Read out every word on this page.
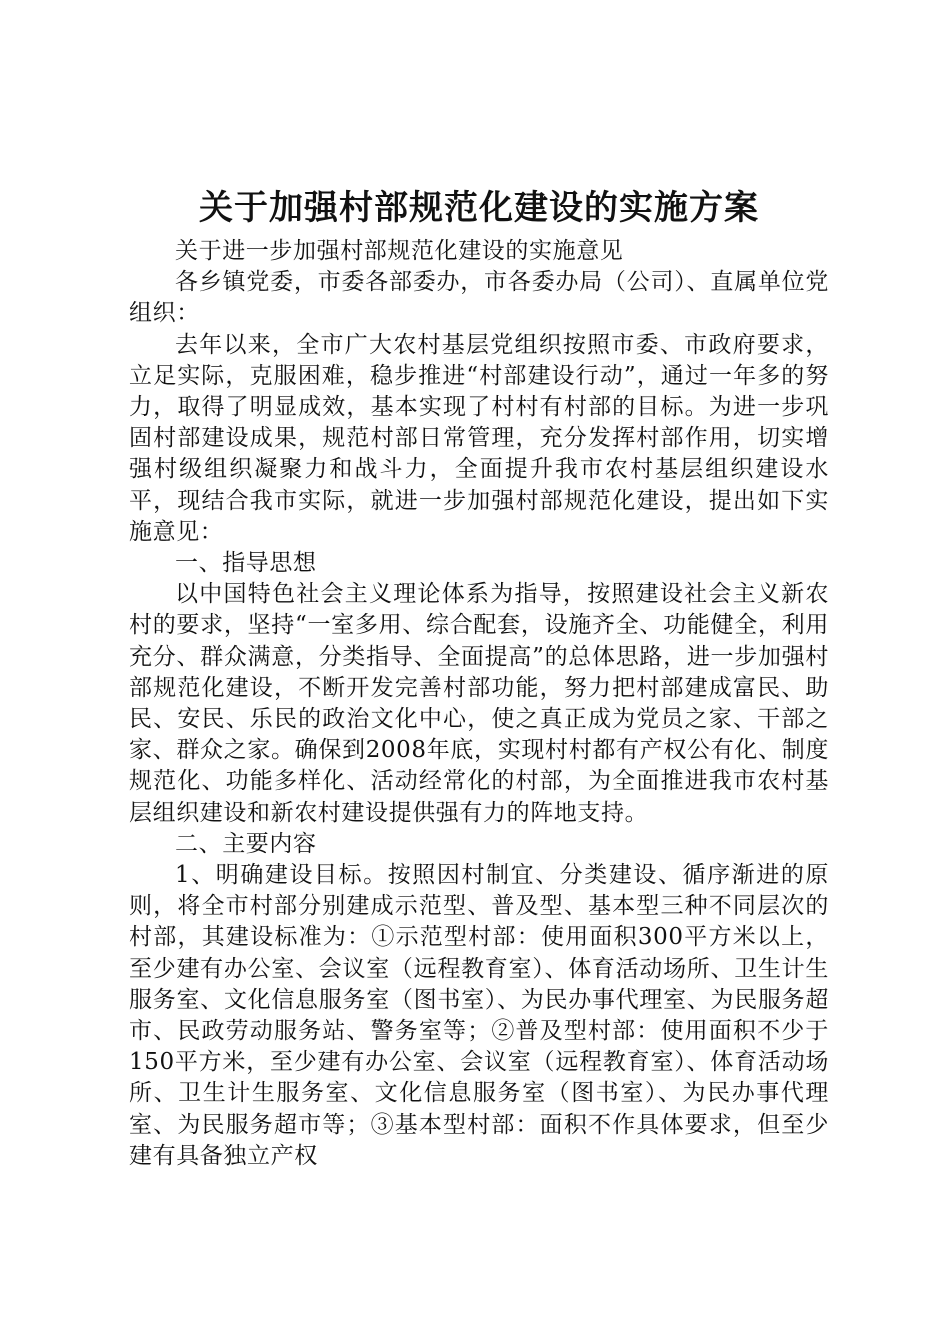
关于加强村部规范化建设的实施方案

关于进一步加强村部规范化建设的实施意见

各乡镇党委，市委各部委办，市各委办局（公司）、直属单位党组织：

去年以来，全市广大农村基层党组织按照市委、市政府要求，立足实际，克服困难，稳步推进“村部建设行动”，通过一年多的努力，取得了明显成效，基本实现了村村有村部的目标。为进一步巩固村部建设成果，规范村部日常管理，充分发挥村部作用，切实增强村级组织凝聚力和战斗力，全面提升我市农村基层组织建设水平，现结合我市实际，就进一步加强村部规范化建设，提出如下实施意见：

一、指导思想

以中国特色社会主义理论体系为指导，按照建设社会主义新农村的要求，坚持“一室多用、综合配套，设施齐全、功能健全，利用充分、群众满意，分类指导、全面提高”的总体思路，进一步加强村部规范化建设，不断开发完善村部功能，努力把村部建成富民、助民、安民、乐民的政治文化中心，使之真正成为党员之家、干部之家、群众之家。确保到2008年底，实现村村都有产权公有化、制度规范化、功能多样化、活动经常化的村部，为全面推进我市农村基层组织建设和新农村建设提供强有力的阵地支持。

二、主要内容

1、明确建设目标。按照因村制宜、分类建设、循序渐进的原则，将全市村部分别建成示范型、普及型、基本型三种不同层次的村部，其建设标准为：①示范型村部：使用面积300平方米以上，至少建有办公室、会议室（远程教育室）、体育活动场所、卫生计生服务室、文化信息服务室（图书室）、为民办事代理室、为民服务超市、民政劳动服务站、警务室等；②普及型村部：使用面积不少于150平方米，至少建有办公室、会议室（远程教育室）、体育活动场所、卫生计生服务室、文化信息服务室（图书室）、为民办事代理室、为民服务超市等；③基本型村部：面积不作具体要求，但至少建有具备独立产权
